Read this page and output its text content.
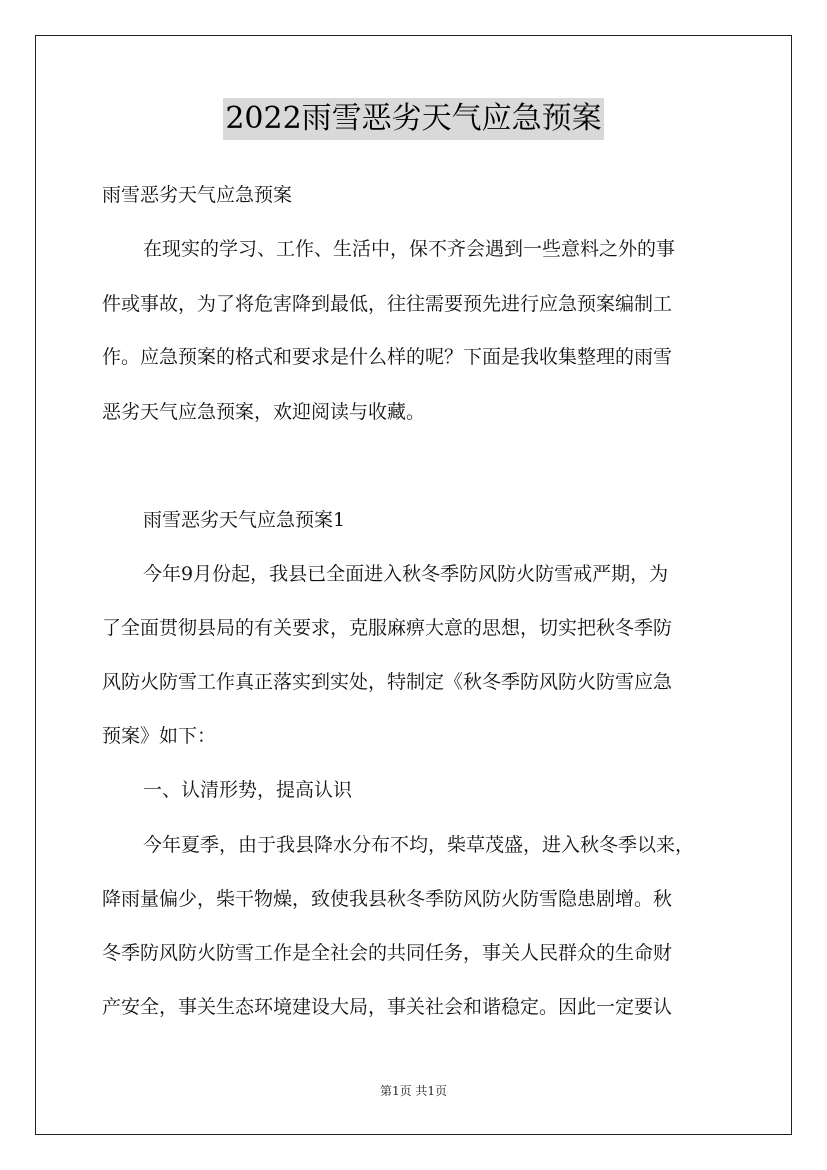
2022雨雪恶劣天气应急预案
雨雪恶劣天气应急预案
在现实的学习、工作、生活中，保不齐会遇到一些意料之外的事
件或事故，为了将危害降到最低，往往需要预先进行应急预案编制工
作。应急预案的格式和要求是什么样的呢？下面是我收集整理的雨雪
恶劣天气应急预案，欢迎阅读与收藏。
雨雪恶劣天气应急预案1
今年9月份起，我县已全面进入秋冬季防风防火防雪戒严期，为
了全面贯彻县局的有关要求，克服麻痹大意的思想，切实把秋冬季防
风防火防雪工作真正落实到实处，特制定《秋冬季防风防火防雪应急
预案》如下：
一、认清形势，提高认识
今年夏季，由于我县降水分布不均，柴草茂盛，进入秋冬季以来，
降雨量偏少，柴干物燥，致使我县秋冬季防风防火防雪隐患剧增。秋
冬季防风防火防雪工作是全社会的共同任务，事关人民群众的生命财
产安全，事关生态环境建设大局，事关社会和谐稳定。因此一定要认
第1页 共1页
